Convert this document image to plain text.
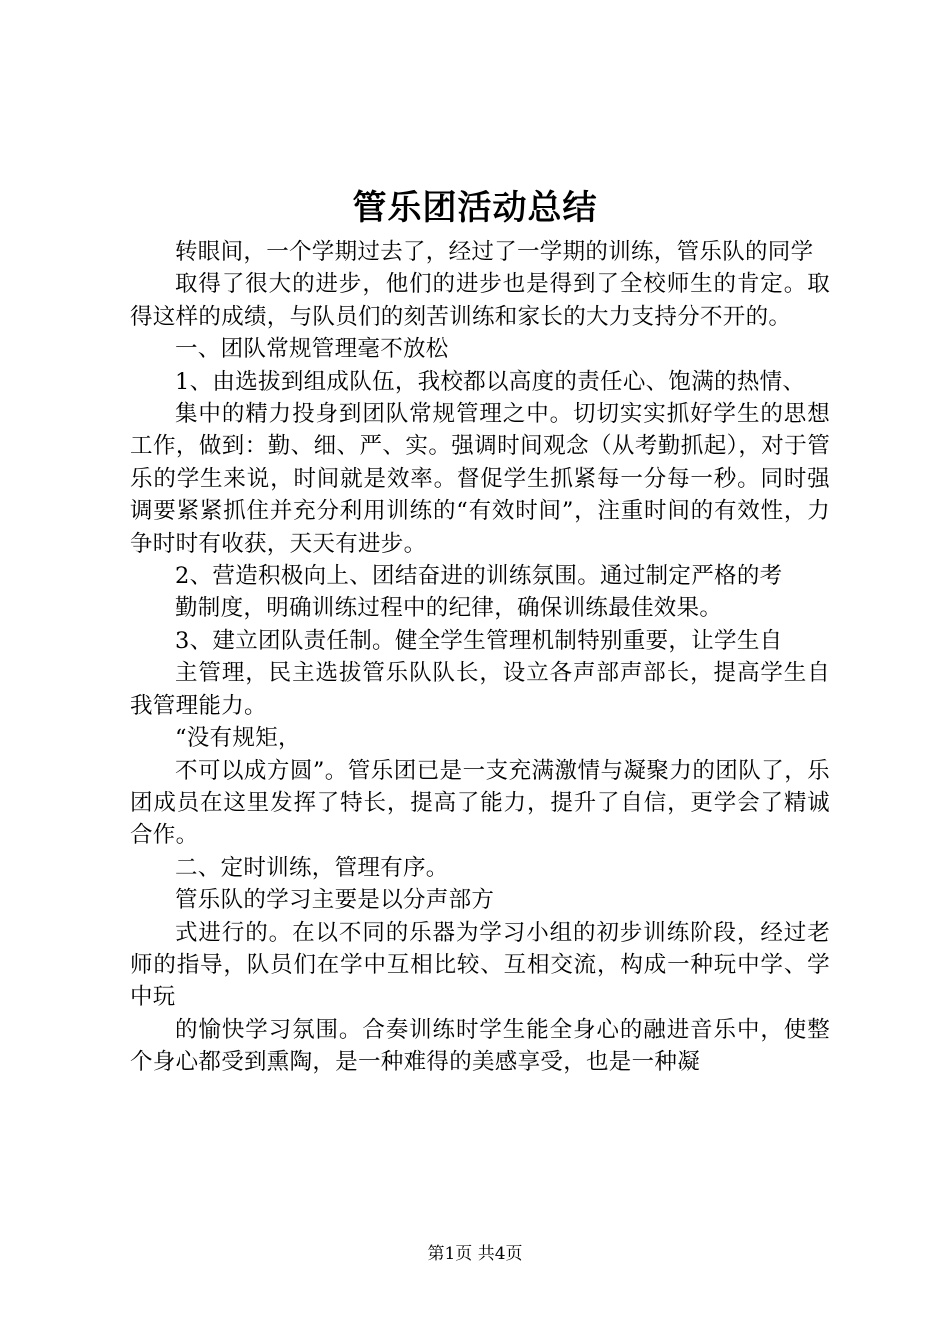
管乐团活动总结

转眼间，一个学期过去了，经过了一学期的训练，管乐队的同学

取得了很大的进步，他们的进步也是得到了全校师生的肯定。取得这样的成绩，与队员们的刻苦训练和家长的大力支持分不开的。

一、团队常规管理毫不放松

1、由选拔到组成队伍，我校都以高度的责任心、饱满的热情、

集中的精力投身到团队常规管理之中。切切实实抓好学生的思想工作，做到：勤、细、严、实。强调时间观念（从考勤抓起），对于管乐的学生来说，时间就是效率。督促学生抓紧每一分每一秒。同时强调要紧紧抓住并充分利用训练的“有效时间”，注重时间的有效性，力争时时有收获，天天有进步。

2、营造积极向上、团结奋进的训练氛围。通过制定严格的考

勤制度，明确训练过程中的纪律，确保训练最佳效果。

3、建立团队责任制。健全学生管理机制特别重要，让学生自

主管理，民主选拔管乐队队长，设立各声部声部长，提高学生自我管理能力。

“没有规矩，

不可以成方圆”。管乐团已是一支充满激情与凝聚力的团队了，乐团成员在这里发挥了特长，提高了能力，提升了自信，更学会了精诚合作。

二、定时训练，管理有序。

管乐队的学习主要是以分声部方

式进行的。在以不同的乐器为学习小组的初步训练阶段，经过老师的指导，队员们在学中互相比较、互相交流，构成一种玩中学、学中玩

的愉快学习氛围。合奏训练时学生能全身心的融进音乐中，使整个身心都受到熏陶，是一种难得的美感享受，也是一种凝

第1页 共4页
